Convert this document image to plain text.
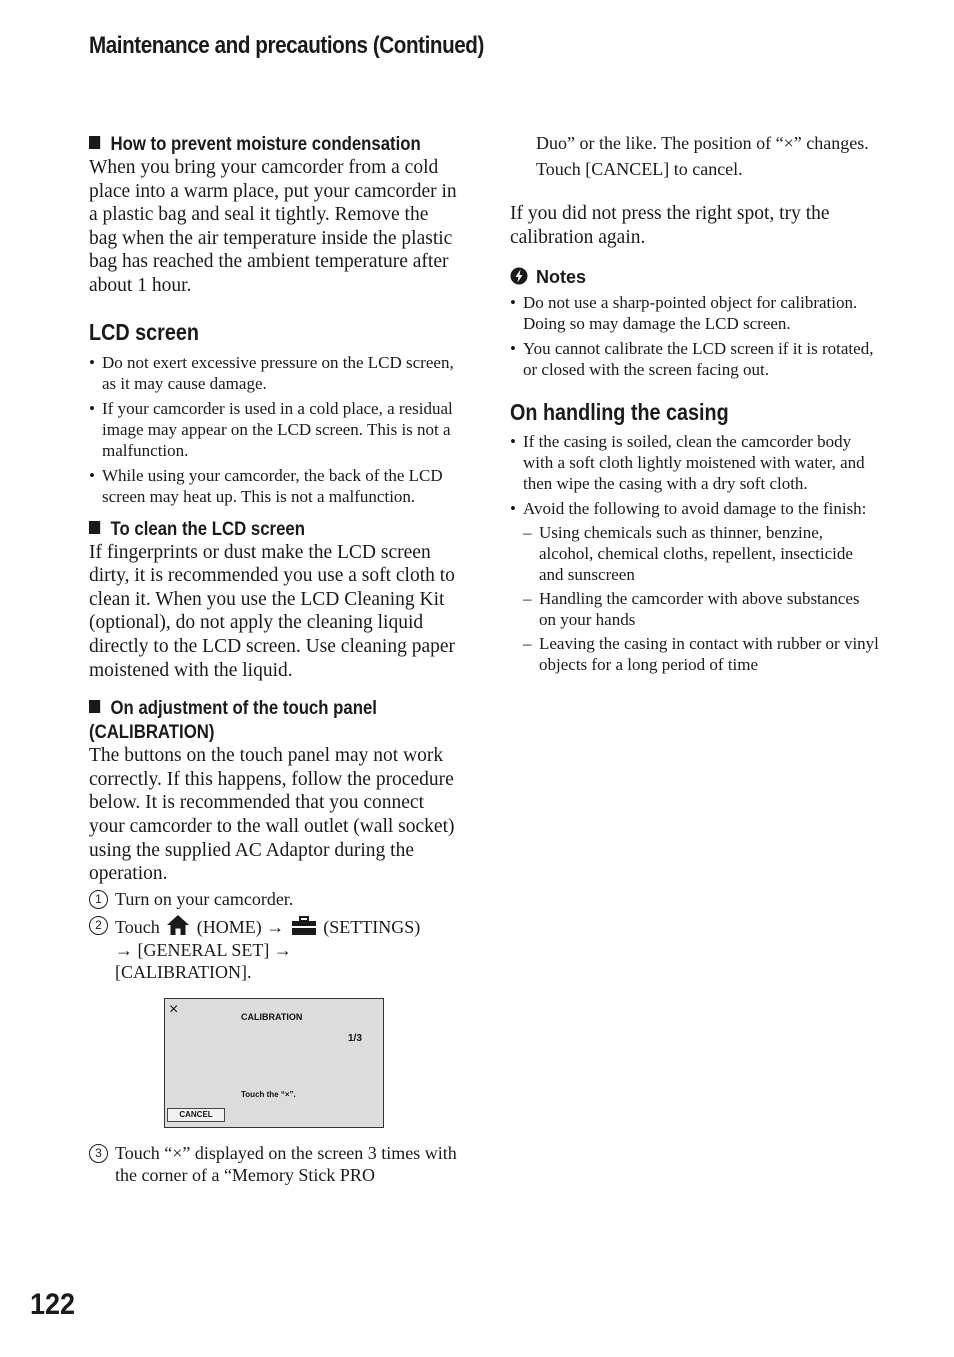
Maintenance and precautions (Continued)
How to prevent moisture condensation

When you bring your camcorder from a cold place into a warm place, put your camcorder in a plastic bag and seal it tightly. Remove the bag when the air temperature inside the plastic bag has reached the ambient temperature after about 1 hour.

LCD screen
• Do not exert excessive pressure on the LCD screen, as it may cause damage.
• If your camcorder is used in a cold place, a residual image may appear on the LCD screen. This is not a malfunction.
• While using your camcorder, the back of the LCD screen may heat up. This is not a malfunction.
To clean the LCD screen

If fingerprints or dust make the LCD screen dirty, it is recommended you use a soft cloth to clean it. When you use the LCD Cleaning Kit (optional), do not apply the cleaning liquid directly to the LCD screen. Use cleaning paper moistened with the liquid.

On adjustment of the touch panel
(CALIBRATION)

The buttons on the touch panel may not work correctly. If this happens, follow the procedure below. It is recommended that you connect your camcorder to the wall outlet (wall socket) using the supplied AC Adaptor during the operation.

1 Turn on your camcorder.
2 Touch (HOME) → (SETTINGS)
→ [GENERAL SET] →
[CALIBRATION].
×	CALIBRATION
1/3
Touch the “×”.
CANCEL
3 Touch “×” displayed on the screen 3 times with the corner of a “Memory Stick PRO
Duo” or the like. The position of “×” changes.
Touch [CANCEL] to cancel.

If you did not press the right spot, try the calibration again.

Notes
• Do not use a sharp-pointed object for calibration. Doing so may damage the LCD screen.
• You cannot calibrate the LCD screen if it is rotated, or closed with the screen facing out.
On handling the casing
• If the casing is soiled, clean the camcorder body with a soft cloth lightly moistened with water, and then wipe the casing with a dry soft cloth.
• Avoid the following to avoid damage to the finish:
– Using chemicals such as thinner, benzine, alcohol, chemical cloths, repellent, insecticide and sunscreen
– Handling the camcorder with above substances on your hands
– Leaving the casing in contact with rubber or vinyl objects for a long period of time
122
